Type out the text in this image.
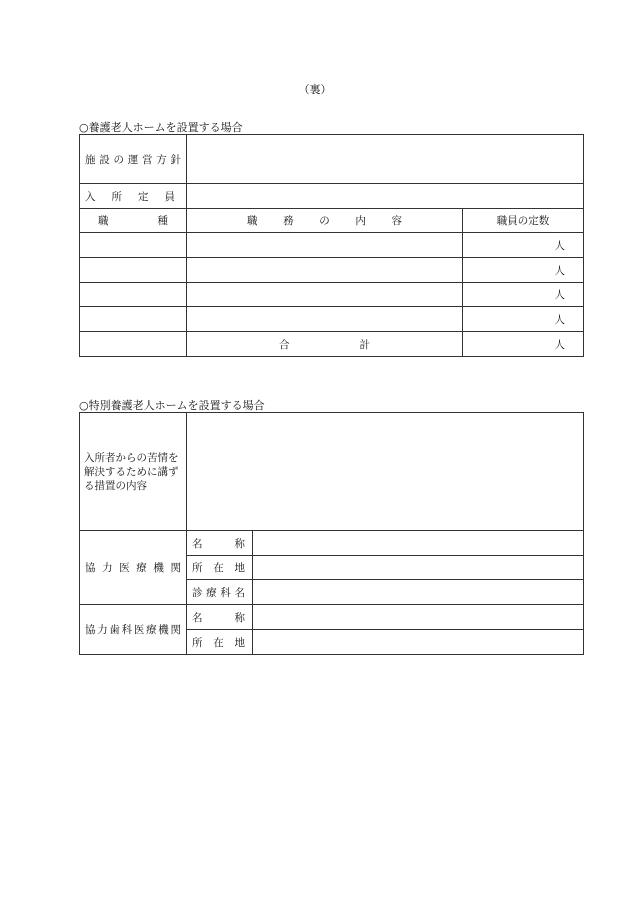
（裏）
○養護老人ホームを設置する場合
施設の運営方針		

入 所 定 員		

職　種	職　務　の　内　容	職員の定数
		人
		人
		人
		人

	合 計	人
○特別養護老人ホームを設置する場合
入所者からの苦情を解決するために講ずる措置の内容		

協力医療機関	名　称	

	所在地	

	診療科名	

協力歯科医療機関	名　称	

	所在地	
